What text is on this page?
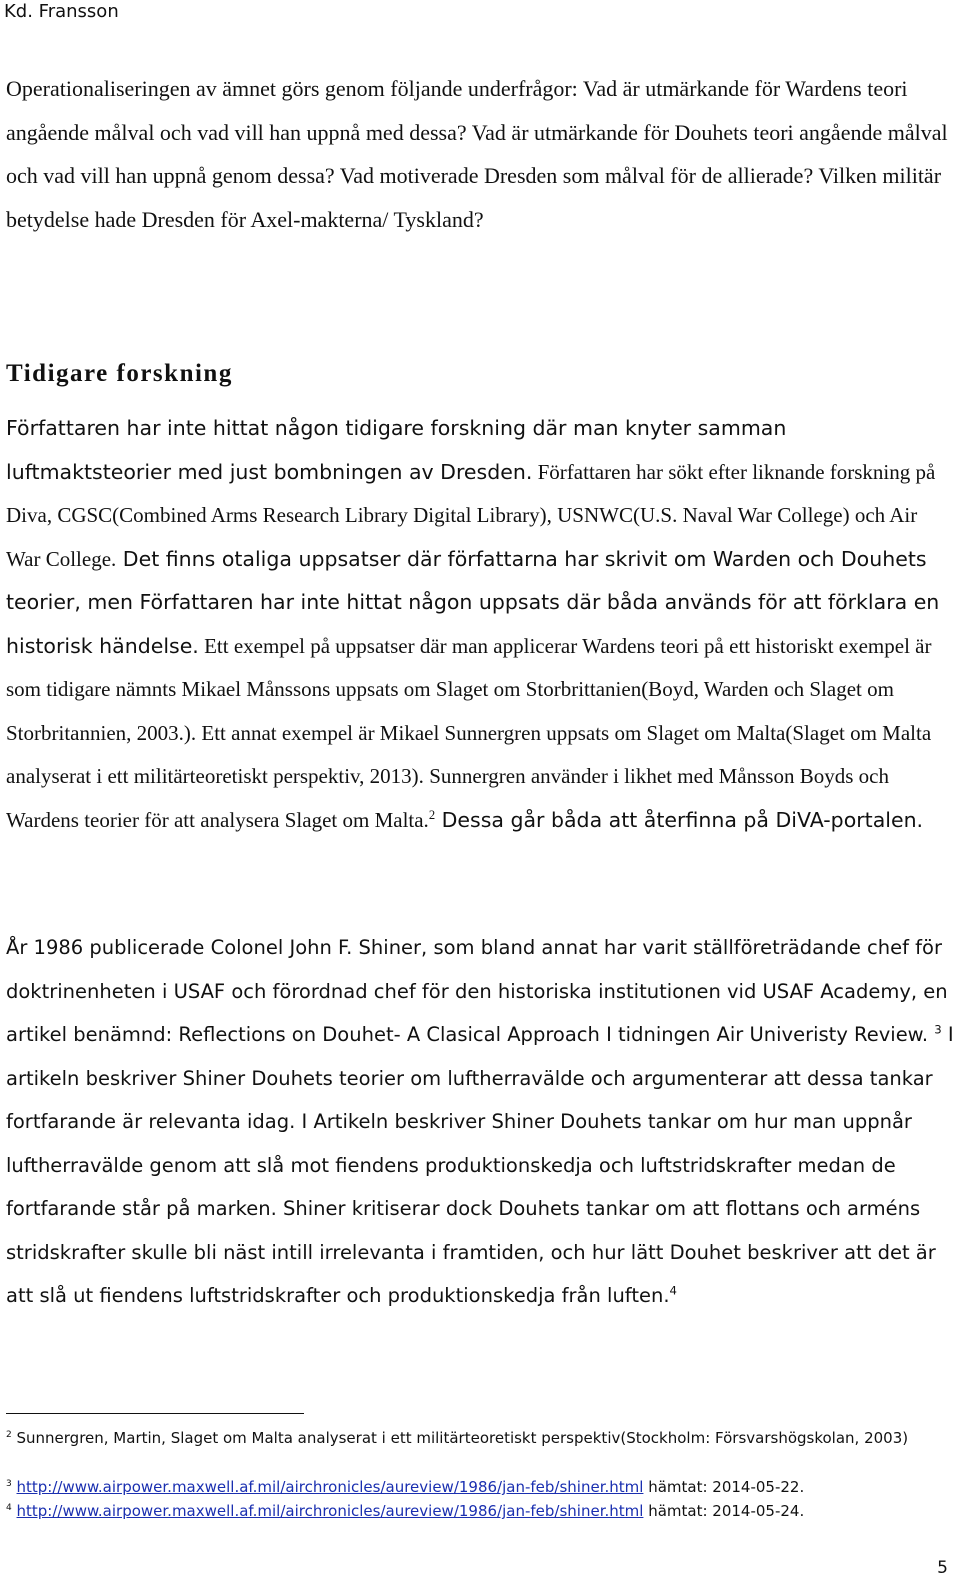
Kd. Fransson

Operationaliseringen av ämnet görs genom följande underfrågor: Vad är utmärkande för Wardens teori angående målval och vad vill han uppnå med dessa? Vad är utmärkande för Douhets teori angående målval och vad vill han uppnå genom dessa? Vad motiverade Dresden som målval för de allierade? Vilken militär betydelse hade Dresden för Axel-makterna/ Tyskland?

Tidigare forskning

Författaren har inte hittat någon tidigare forskning där man knyter samman luftmaktsteorier med just bombningen av Dresden. Författaren har sökt efter liknande forskning på Diva, CGSC(Combined Arms Research Library Digital Library), USNWC(U.S. Naval War College) och Air War College. Det finns otaliga uppsatser där författarna har skrivit om Warden och Douhets teorier, men Författaren har inte hittat någon uppsats där båda används för att förklara en historisk händelse. Ett exempel på uppsatser där man applicerar Wardens teori på ett historiskt exempel är som tidigare nämnts Mikael Månssons uppsats om Slaget om Storbrittanien(Boyd, Warden och Slaget om Storbritannien, 2003.). Ett annat exempel är Mikael Sunnergren uppsats om Slaget om Malta(Slaget om Malta analyserat i ett militärteoretiskt perspektiv, 2013). Sunnergren använder i likhet med Månsson Boyds och Wardens teorier för att analysera Slaget om Malta.$^2$ Dessa går båda att återfinna på DiVA-portalen.

År 1986 publicerade Colonel John F. Shiner, som bland annat har varit ställföreträdande chef för doktrinenheten i USAF och förordnad chef för den historiska institutionen vid USAF Academy, en artikel benämnd: Reflections on Douhet- A Clasical Approach I tidningen Air Univeristy Review. $^3$ I artikeln beskriver Shiner Douhets teorier om luftherravälde och argumenterar att dessa tankar fortfarande är relevanta idag. I Artikeln beskriver Shiner Douhets tankar om hur man uppnår luftherravälde genom att slå mot fiendens produktionskedja och luftstridskrafter medan de fortfarande står på marken. Shiner kritiserar dock Douhets tankar om att flottans och arméns stridskrafter skulle bli näst intill irrelevanta i framtiden, och hur lätt Douhet beskriver att det är att slå ut fiendens luftstridskrafter och produktionskedja från luften.$^4$

$^2$ Sunnergren, Martin, Slaget om Malta analyserat i ett militärteoretiskt perspektiv(Stockholm: Försvarshögskolan, 2003)
$^3$ http://www.airpower.maxwell.af.mil/airchronicles/aureview/1986/jan-feb/shiner.html hämtat: 2014-05-22.
$^4$ http://www.airpower.maxwell.af.mil/airchronicles/aureview/1986/jan-feb/shiner.html hämtat: 2014-05-24.
5
